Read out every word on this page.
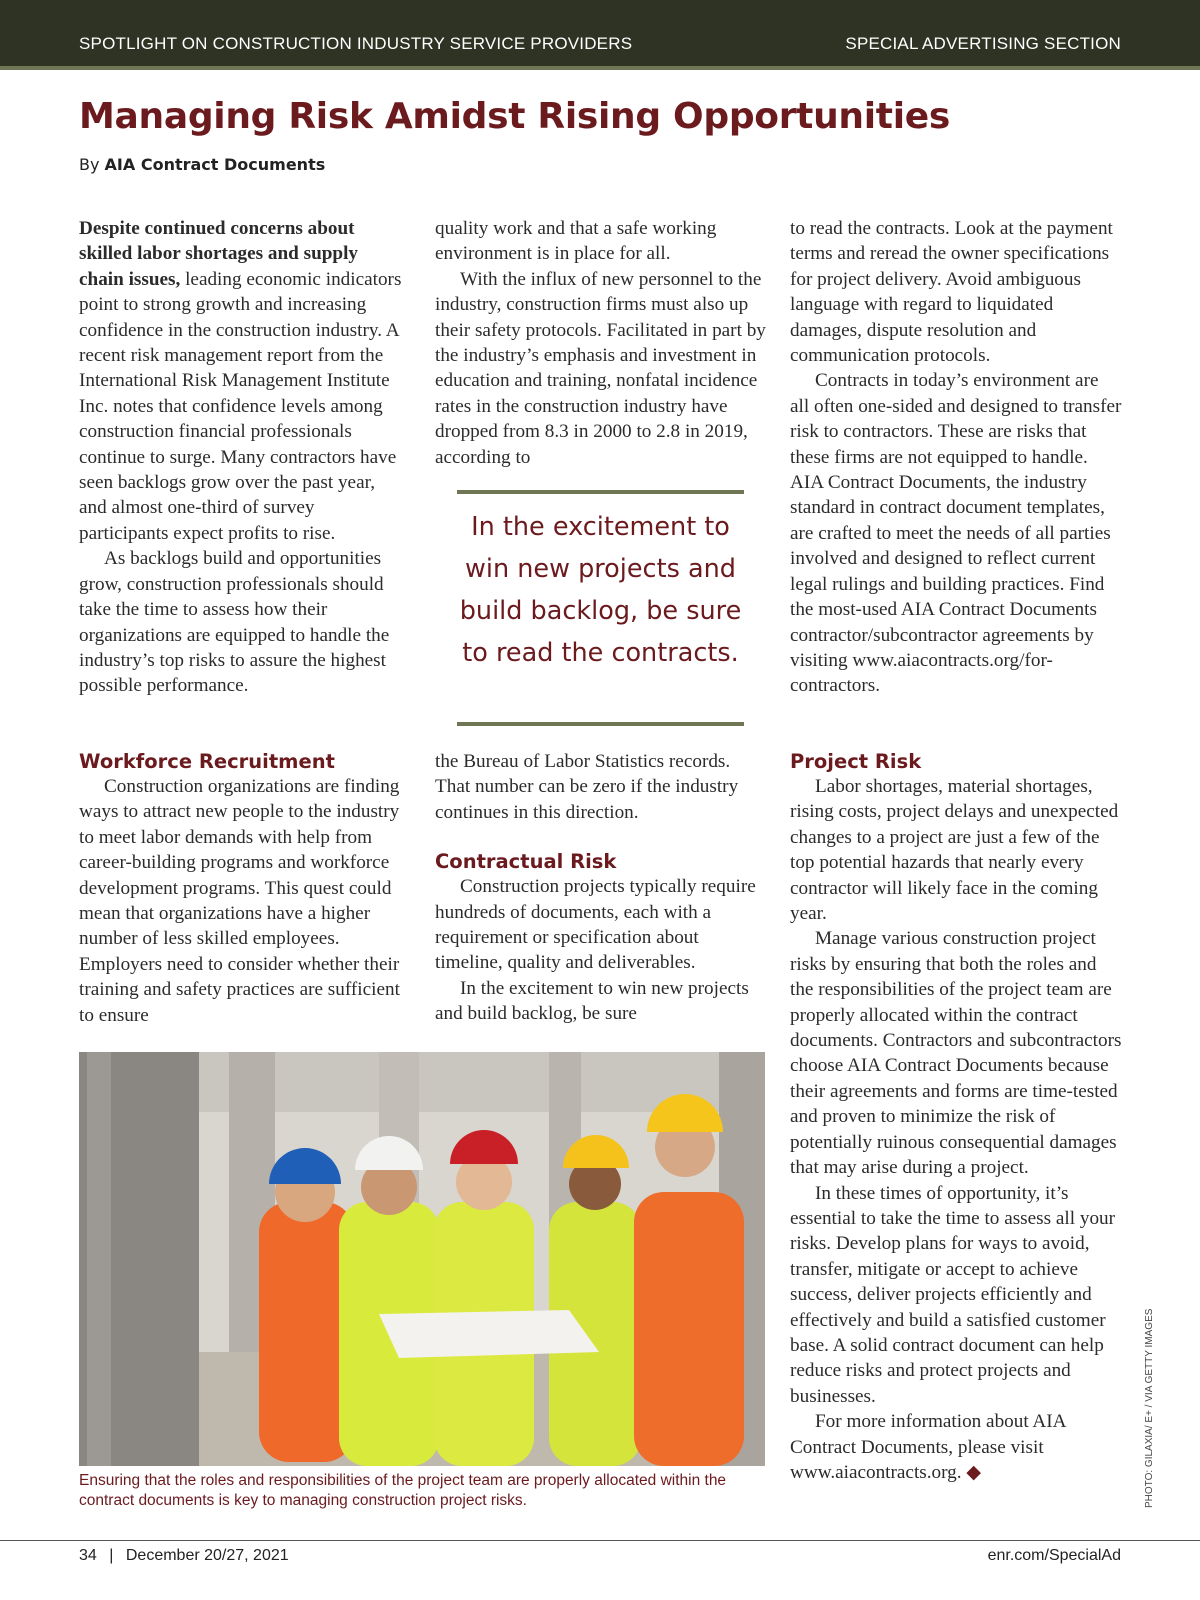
SPOTLIGHT ON CONSTRUCTION INDUSTRY SERVICE PROVIDERS	SPECIAL ADVERTISING SECTION
Managing Risk Amidst Rising Opportunities
By AIA Contract Documents

Despite continued concerns about skilled labor shortages and supply chain issues, leading economic indicators point to strong growth and increasing confidence in the construction industry. A recent risk management report from the International Risk Management Institute Inc. notes that confidence levels among construction financial professionals continue to surge. Many contractors have seen backlogs grow over the past year, and almost one-third of survey participants expect profits to rise.

As backlogs build and opportunities grow, construction professionals should take the time to assess how their organizations are equipped to handle the industry’s top risks to assure the highest possible performance.

Workforce Recruitment

Construction organizations are finding ways to attract new people to the industry to meet labor demands with help from career-building programs and workforce development programs. This quest could mean that organizations have a higher number of less skilled employees. Employers need to consider whether their training and safety practices are sufficient to ensure

quality work and that a safe working environment is in place for all.

With the influx of new personnel to the industry, construction firms must also up their safety protocols. Facilitated in part by the industry’s emphasis and investment in education and training, nonfatal incidence rates in the construction industry have dropped from 8.3 in 2000 to 2.8 in 2019, according to

In the excitement to win new projects and build backlog, be sure to read the contracts.

the Bureau of Labor Statistics records. That number can be zero if the industry continues in this direction.

Contractual Risk

Construction projects typically require hundreds of documents, each with a requirement or specification about timeline, quality and deliverables.

In the excitement to win new projects and build backlog, be sure

to read the contracts. Look at the payment terms and reread the owner specifications for project delivery. Avoid ambiguous language with regard to liquidated damages, dispute resolution and communication protocols.

Contracts in today’s environment are all often one-sided and designed to transfer risk to contractors. These are risks that these firms are not equipped to handle. AIA Contract Documents, the industry standard in contract document templates, are crafted to meet the needs of all parties involved and designed to reflect current legal rulings and building practices. Find the most-used AIA Contract Documents contractor/subcontractor agreements by visiting www.aiacontracts.org/for-contractors.

Project Risk

Labor shortages, material shortages, rising costs, project delays and unexpected changes to a project are just a few of the top potential hazards that nearly every contractor will likely face in the coming year.

Manage various construction project risks by ensuring that both the roles and the responsibilities of the project team are properly allocated within the contract documents. Contractors and subcontractors choose AIA Contract Documents because their agreements and forms are time-tested and proven to minimize the risk of potentially ruinous consequential damages that may arise during a project.

In these times of opportunity, it’s essential to take the time to assess all your risks. Develop plans for ways to avoid, transfer, mitigate or accept to achieve success, deliver projects efficiently and effectively and build a satisfied customer base. A solid contract document can help reduce risks and protect projects and businesses.

For more information about AIA Contract Documents, please visit www.aiacontracts.org. ◆

Ensuring that the roles and responsibilities of the project team are properly allocated within the contract documents is key to managing construction project risks.	PHOTO: GILAXIA/ E+ / VIA GETTY IMAGES
34 | December 20/27, 2021	enr.com/SpecialAd
